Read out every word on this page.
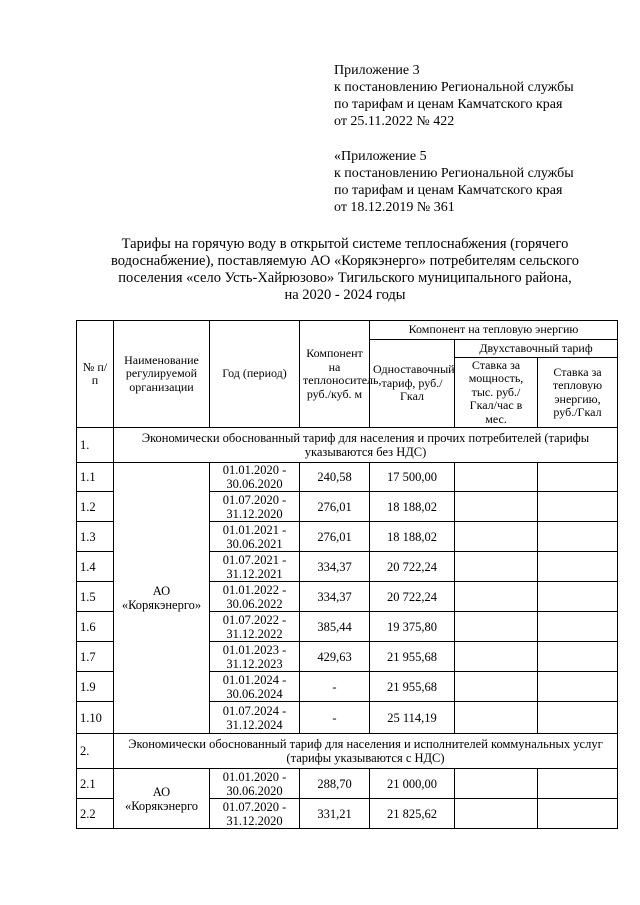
Приложение 3
к постановлению Региональной службы
по тарифам и ценам Камчатского края
от 25.11.2022 № 422
«Приложение 5
к постановлению Региональной службы
по тарифам и ценам Камчатского края
от 18.12.2019 № 361
Тарифы на горячую воду в открытой системе теплоснабжения (горячего
водоснабжение), поставляемую АО «Корякэнерго» потребителям сельского
поселения «село Усть-Хайрюзово» Тигильского муниципального района,
на 2020 - 2024 годы
№ п/п	Наименование регулируемой организации	Год (период)	Компонент на теплоноситель, руб./куб. м	Компонент на тепловую энергию		
				Одноставочный тариф, руб./Гкал	Двухставочный тариф	
					Ставка за мощность, тыс. руб./Гкал/час в мес.	Ставка за тепловую энергию, руб./Гкал
1.	Экономически обоснованный тариф для населения и прочих потребителей (тарифы указываются без НДС)					
1.1	АО «Корякэнерго»	01.01.2020 - 30.06.2020	240,58	17 500,00		
1.2		01.07.2020 - 31.12.2020	276,01	18 188,02		
1.3		01.01.2021 - 30.06.2021	276,01	18 188,02		
1.4		01.07.2021 - 31.12.2021	334,37	20 722,24		
1.5		01.01.2022 - 30.06.2022	334,37	20 722,24		
1.6		01.07.2022 - 31.12.2022	385,44	19 375,80		
1.7		01.01.2023 - 31.12.2023	429,63	21 955,68		
1.9		01.01.2024 - 30.06.2024	-	21 955,68		
1.10		01.07.2024 - 31.12.2024	-	25 114,19		
2.	Экономически обоснованный тариф для населения и исполнителей коммунальных услуг (тарифы указываются с НДС)					
2.1	АО «Корякэнерго	01.01.2020 - 30.06.2020	288,70	21 000,00		
2.2		01.07.2020 - 31.12.2020	331,21	21 825,62		
